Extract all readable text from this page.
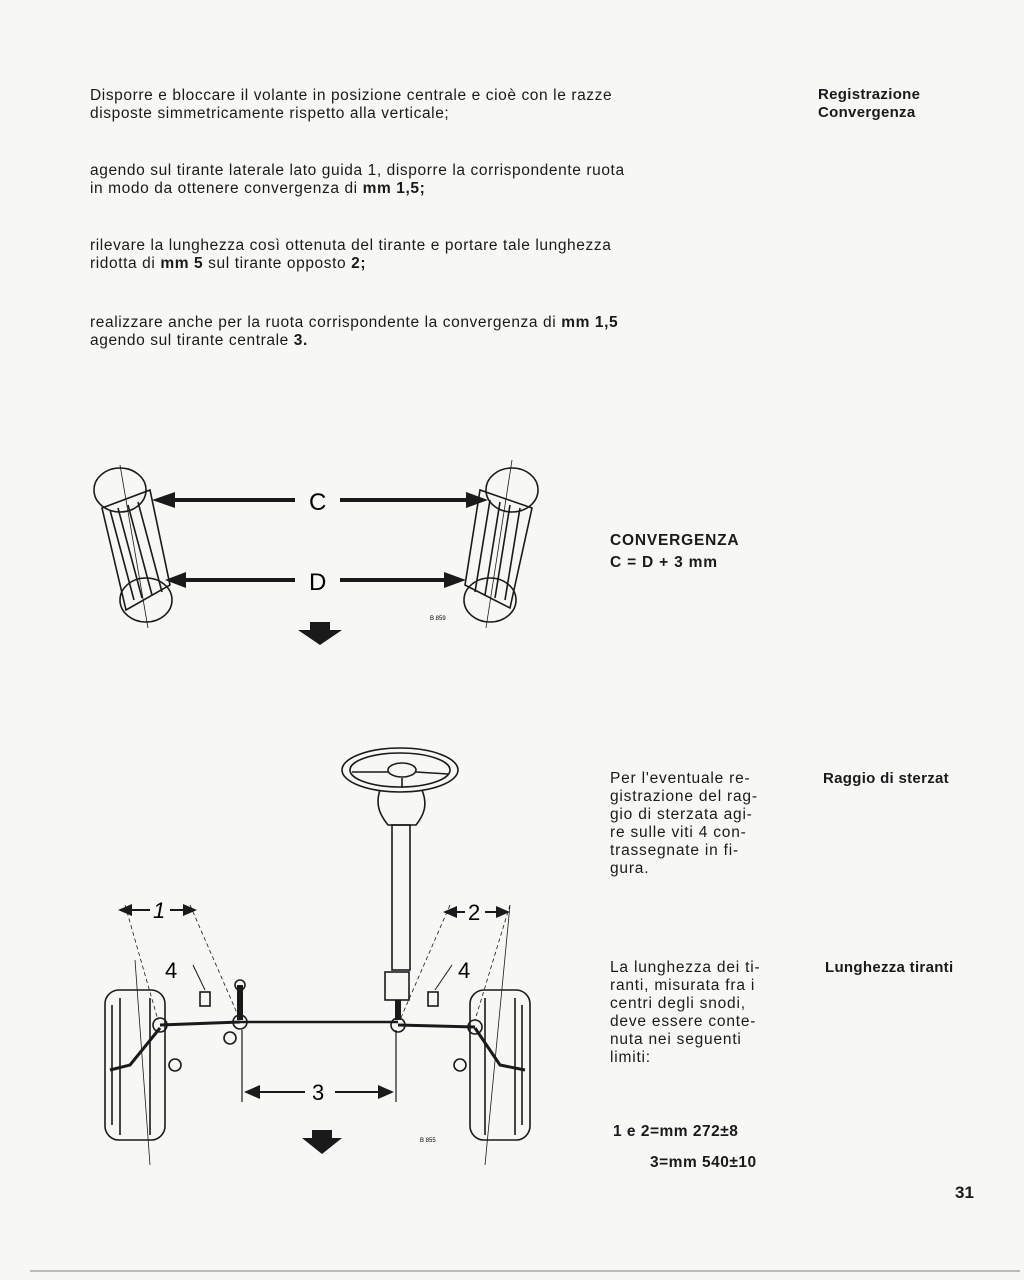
Disporre e bloccare il volante in posizione centrale e cioè con le razze
disposte simmetricamente rispetto alla verticale;
agendo sul tirante laterale lato guida 1, disporre la corrispondente ruota
in modo da ottenere convergenza di mm 1,5;
rilevare la lunghezza così ottenuta del tirante e portare tale lunghezza
ridotta di mm 5 sul tirante opposto 2;
realizzare anche per la ruota corrispondente la convergenza di mm 1,5
agendo sul tirante centrale 3.
Registrazione
Convergenza
Raggio di sterzat
Lunghezza tiranti
CONVERGENZA
C = D + 3 mm
C
D
B 859
1	2
3
4	4
B 855
Per l'eventuale re-
gistrazione del rag-
gio di sterzata agi-
re sulle viti 4 con-
trassegnate in fi-
gura.
La lunghezza dei ti-
ranti, misurata fra i
centri degli snodi,
deve essere conte-
nuta nei seguenti
limiti:
1 e 2=mm 272±8
3=mm 540±10
31
